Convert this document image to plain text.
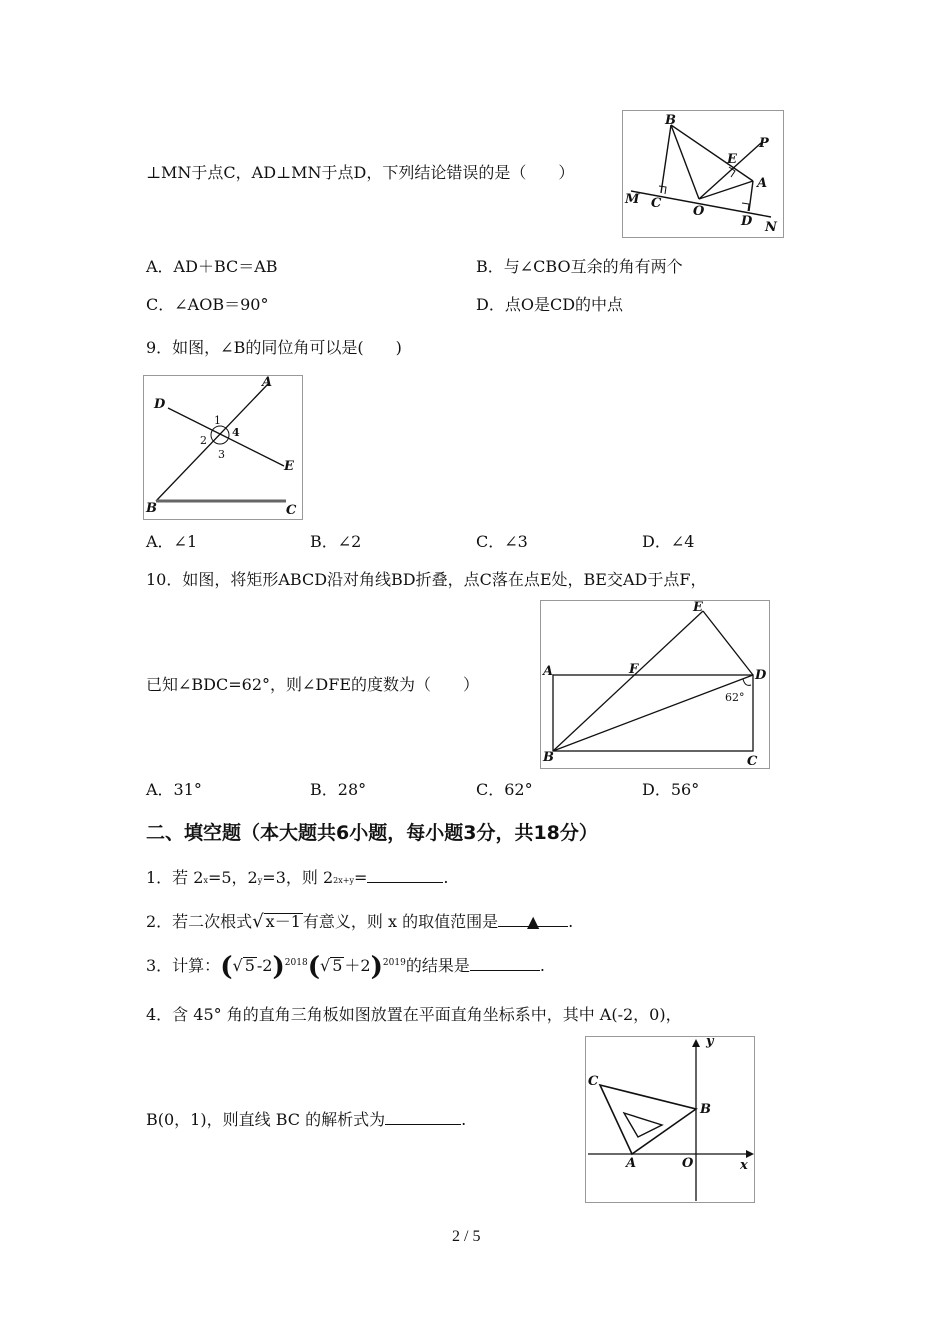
⊥MN于点C，AD⊥MN于点D，下列结论错误的是（　　）
B
E
P
M C
O
A
D N
A．AD＋BC＝AB	B．与∠CBO互余的角有两个
C．∠AOB＝90°	D．点O是CD的中点
9．如图，∠B的同位角可以是(　　)
A
D
1
2
4
3
E
B	C
A．∠1	B．∠2	C．∠3	D．∠4
10．如图，将矩形ABCD沿对角线BD折叠，点C落在点E处，BE交AD于点F，
E
A	F	D
62°
B	C
已知∠BDC=62°，则∠DFE的度数为（　　）
A．31°	B．28°	C．62°	D．56°
二、填空题（本大题共6小题，每小题3分，共18分）
1．若 2x=5，2y=3，则 22x+y=	.
2．若二次根式√ x－1 有意义，则 x 的取值范围是 ▲ .
3．计算：(√ 5 -2)$^{2018}$(√ 5 ＋2)$^{2019}$的结果是	.
4．含 45° 角的直角三角板如图放置在平面直角坐标系中，其中 A(-2，0)，
y
C
B
A	O	x
B(0，1)，则直线 BC 的解析式为	.
2 / 5
